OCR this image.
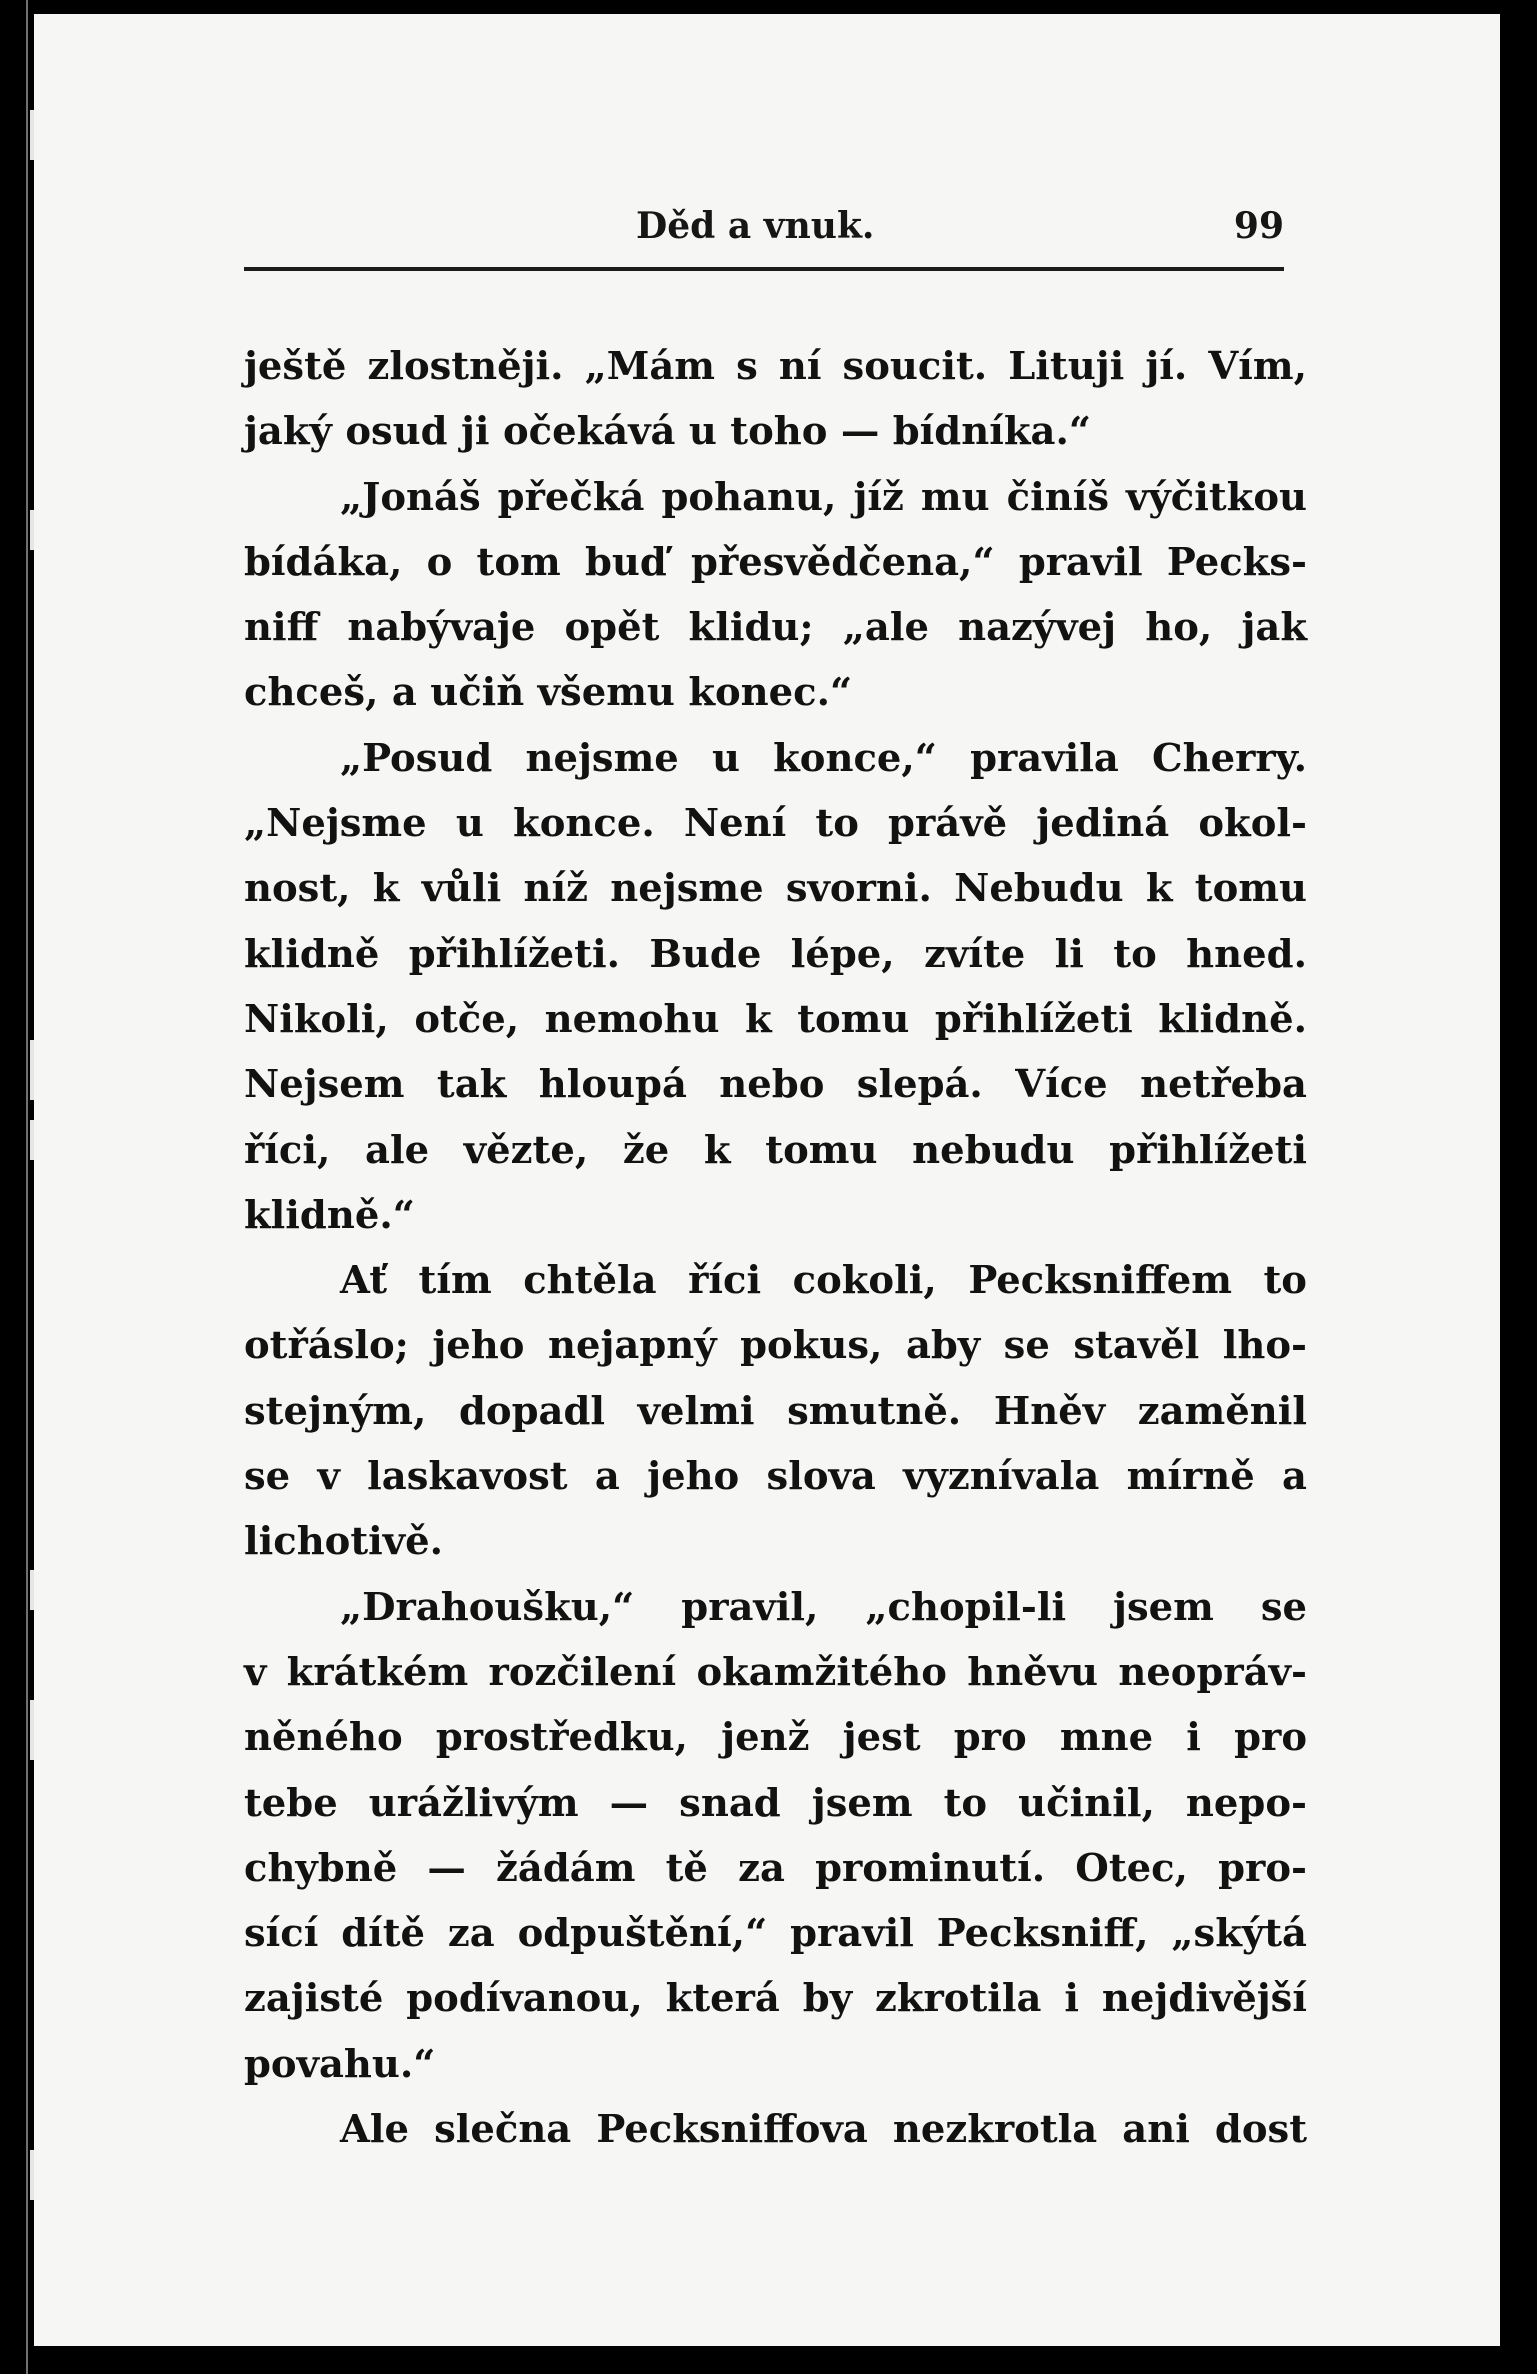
Děd a vnuk.	99
ještě zlostněji. „Mám s ní soucit. Lituji jí. Vím,
jaký osud ji očekává u toho — bídníka.“
„Jonáš přečká pohanu, jíž mu činíš výčitkou
bídáka, o tom buď přesvědčena,“ pravil Pecks-
niff nabývaje opět klidu; „ale nazývej ho, jak
chceš, a učiň všemu konec.“
„Posud nejsme u konce,“ pravila Cherry.
„Nejsme u konce. Není to právě jediná okol-
nost, k vůli níž nejsme svorni. Nebudu k tomu
klidně přihlížeti. Bude lépe, zvíte li to hned.
Nikoli, otče, nemohu k tomu přihlížeti klidně.
Nejsem tak hloupá nebo slepá. Více netřeba
říci, ale vězte, že k tomu nebudu přihlížeti
klidně.“
Ať tím chtěla říci cokoli, Pecksniffem to
otřáslo; jeho nejapný pokus, aby se stavěl lho-
stejným, dopadl velmi smutně. Hněv zaměnil
se v laskavost a jeho slova vyznívala mírně a
lichotivě.
„Drahoušku,“ pravil, „chopil-li jsem se
v krátkém rozčilení okamžitého hněvu neopráv-
něného prostředku, jenž jest pro mne i pro
tebe urážlivým — snad jsem to učinil, nepo-
chybně — žádám tě za prominutí. Otec, pro-
sící dítě za odpuštění,“ pravil Pecksniff, „skýtá
zajisté podívanou, která by zkrotila i nejdivější
povahu.“
Ale slečna Pecksniffova nezkrotla ani dost
